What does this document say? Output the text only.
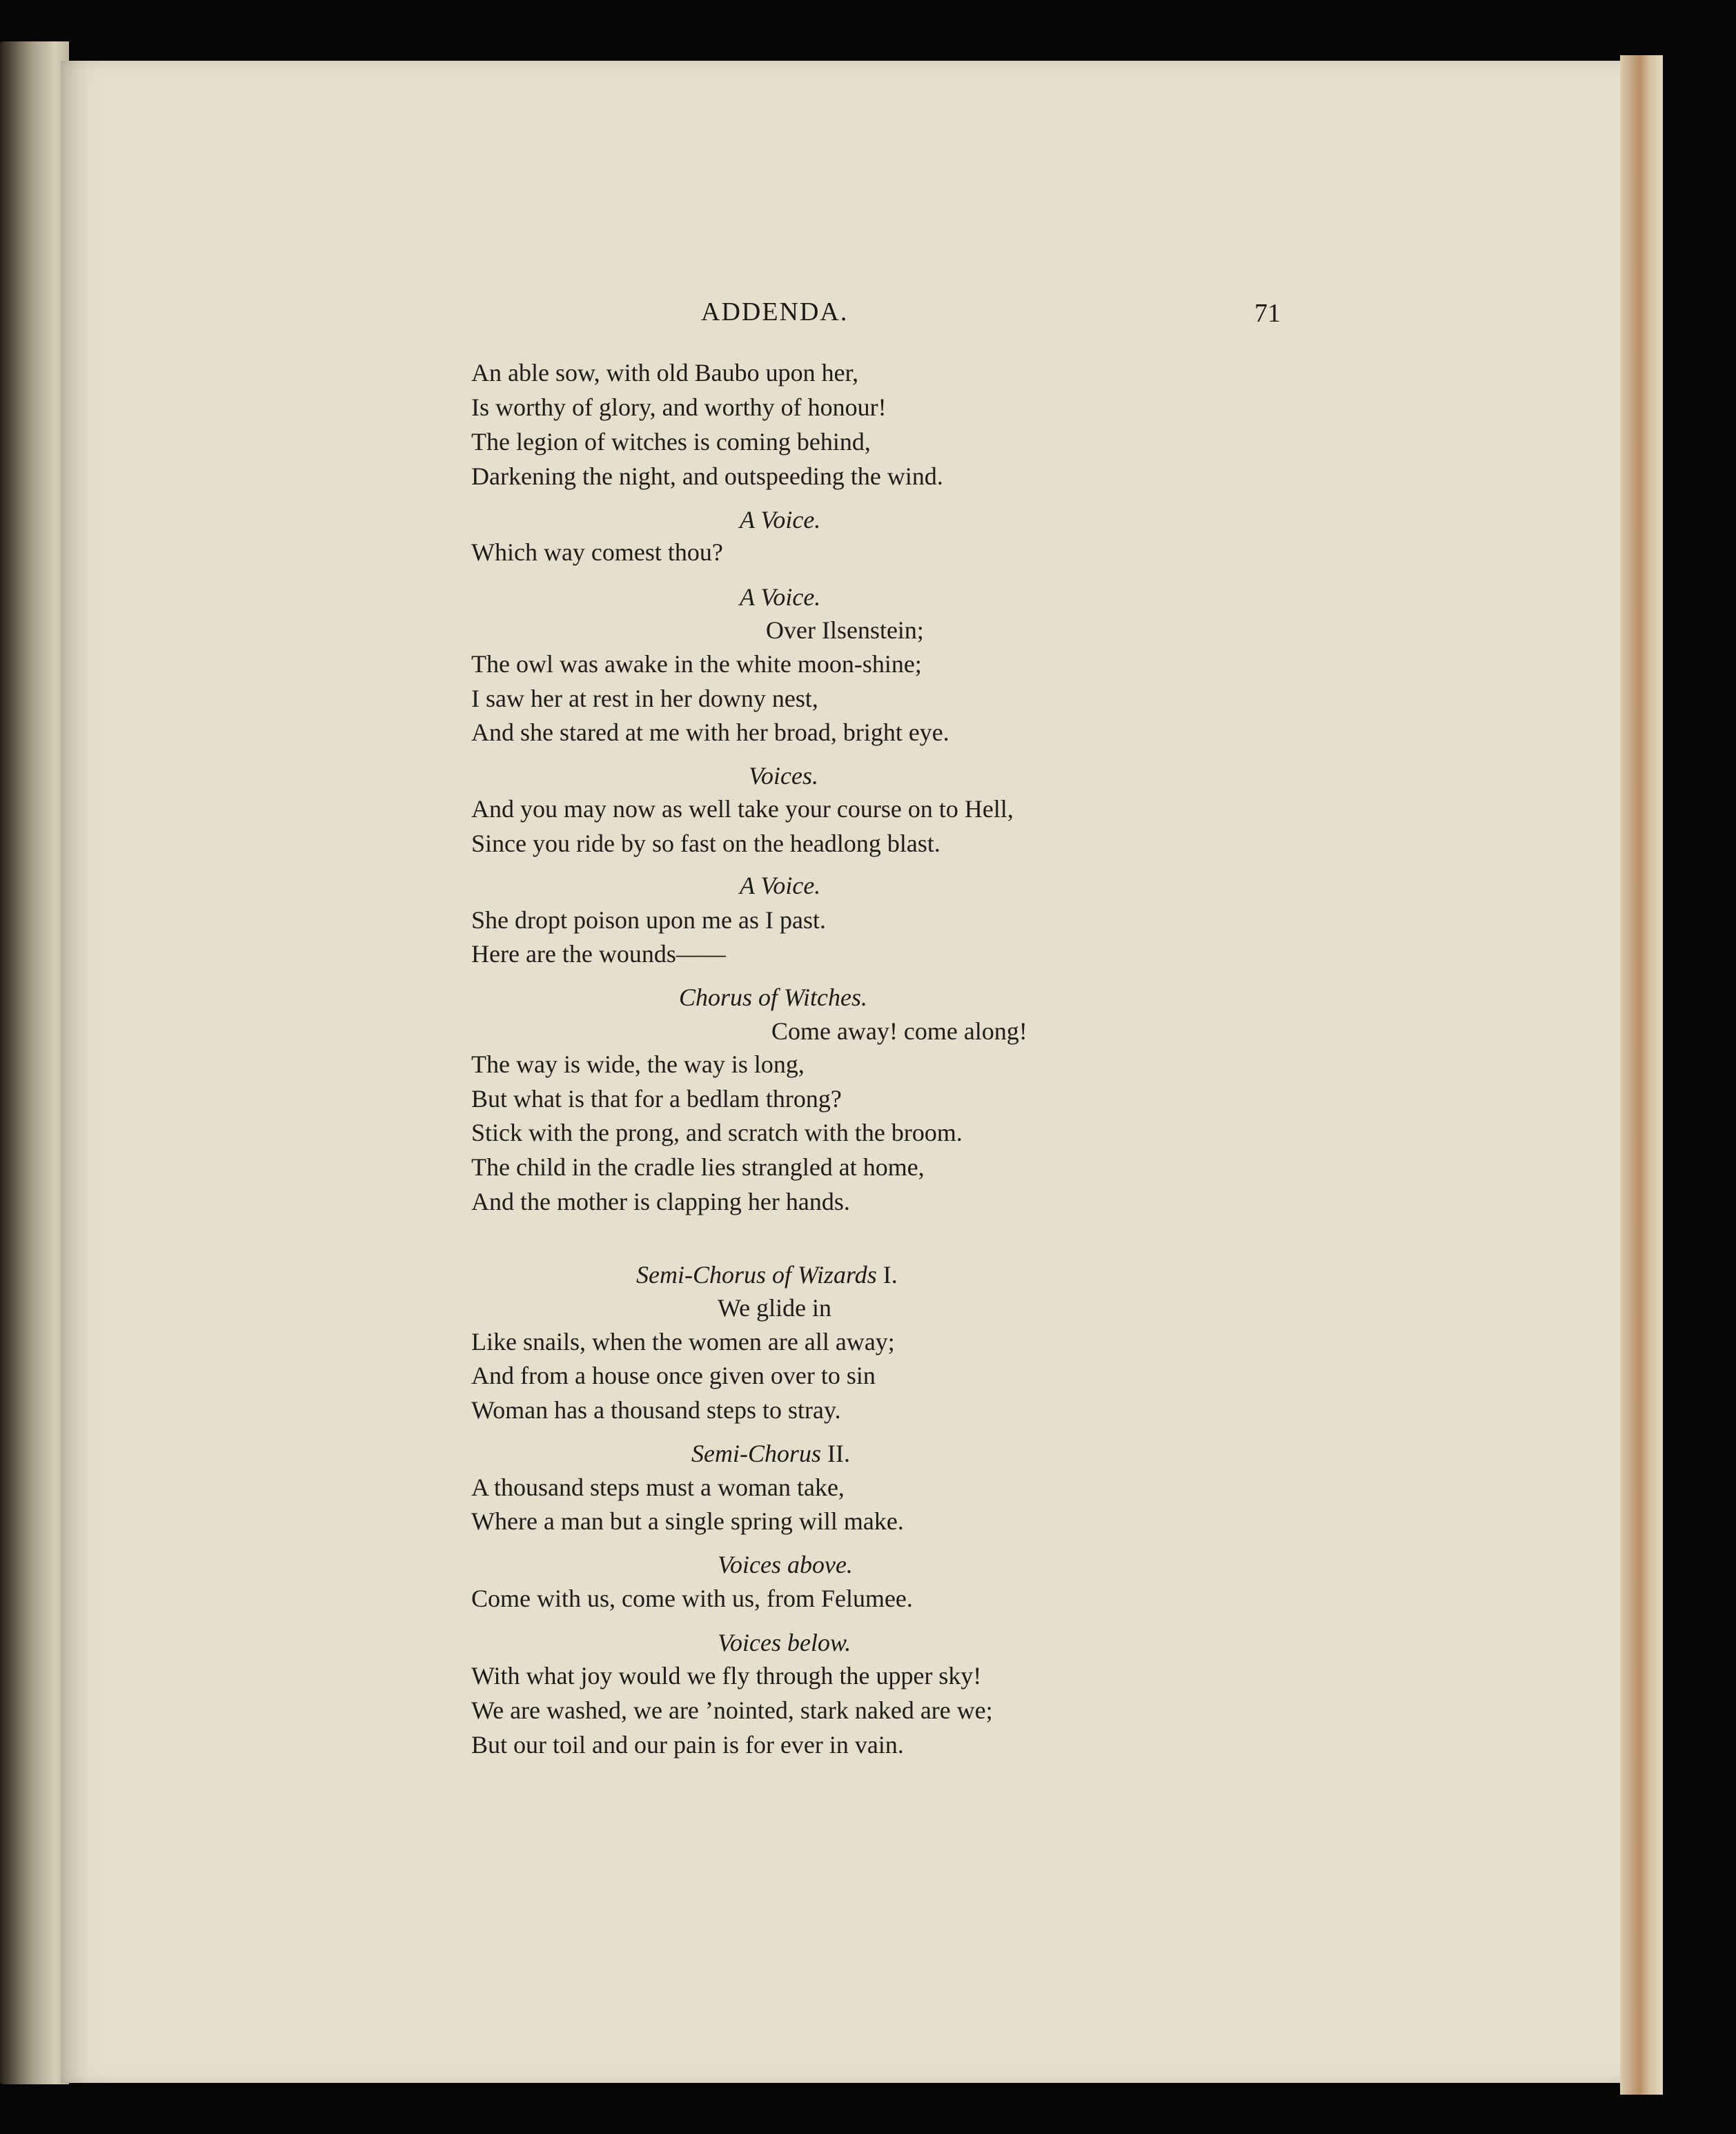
ADDENDA.	71
An able sow, with old Baubo upon her,
Is worthy of glory, and worthy of honour!
The legion of witches is coming behind,
Darkening the night, and outspeeding the wind.
A Voice.
Which way comest thou?
A Voice.
Over Ilsenstein;
The owl was awake in the white moon-shine;
I saw her at rest in her downy nest,
And she stared at me with her broad, bright eye.
Voices.
And you may now as well take your course on to Hell,
Since you ride by so fast on the headlong blast.
A Voice.
She dropt poison upon me as I past.
Here are the wounds——
Chorus of Witches.
Come away! come along!
The way is wide, the way is long,
But what is that for a bedlam throng?
Stick with the prong, and scratch with the broom.
The child in the cradle lies strangled at home,
And the mother is clapping her hands.
Semi-Chorus of Wizards I.
We glide in
Like snails, when the women are all away;
And from a house once given over to sin
Woman has a thousand steps to stray.
Semi-Chorus II.
A thousand steps must a woman take,
Where a man but a single spring will make.
Voices above.
Come with us, come with us, from Felumee.
Voices below.
With what joy would we fly through the upper sky!
We are washed, we are ’nointed, stark naked are we;
But our toil and our pain is for ever in vain.
